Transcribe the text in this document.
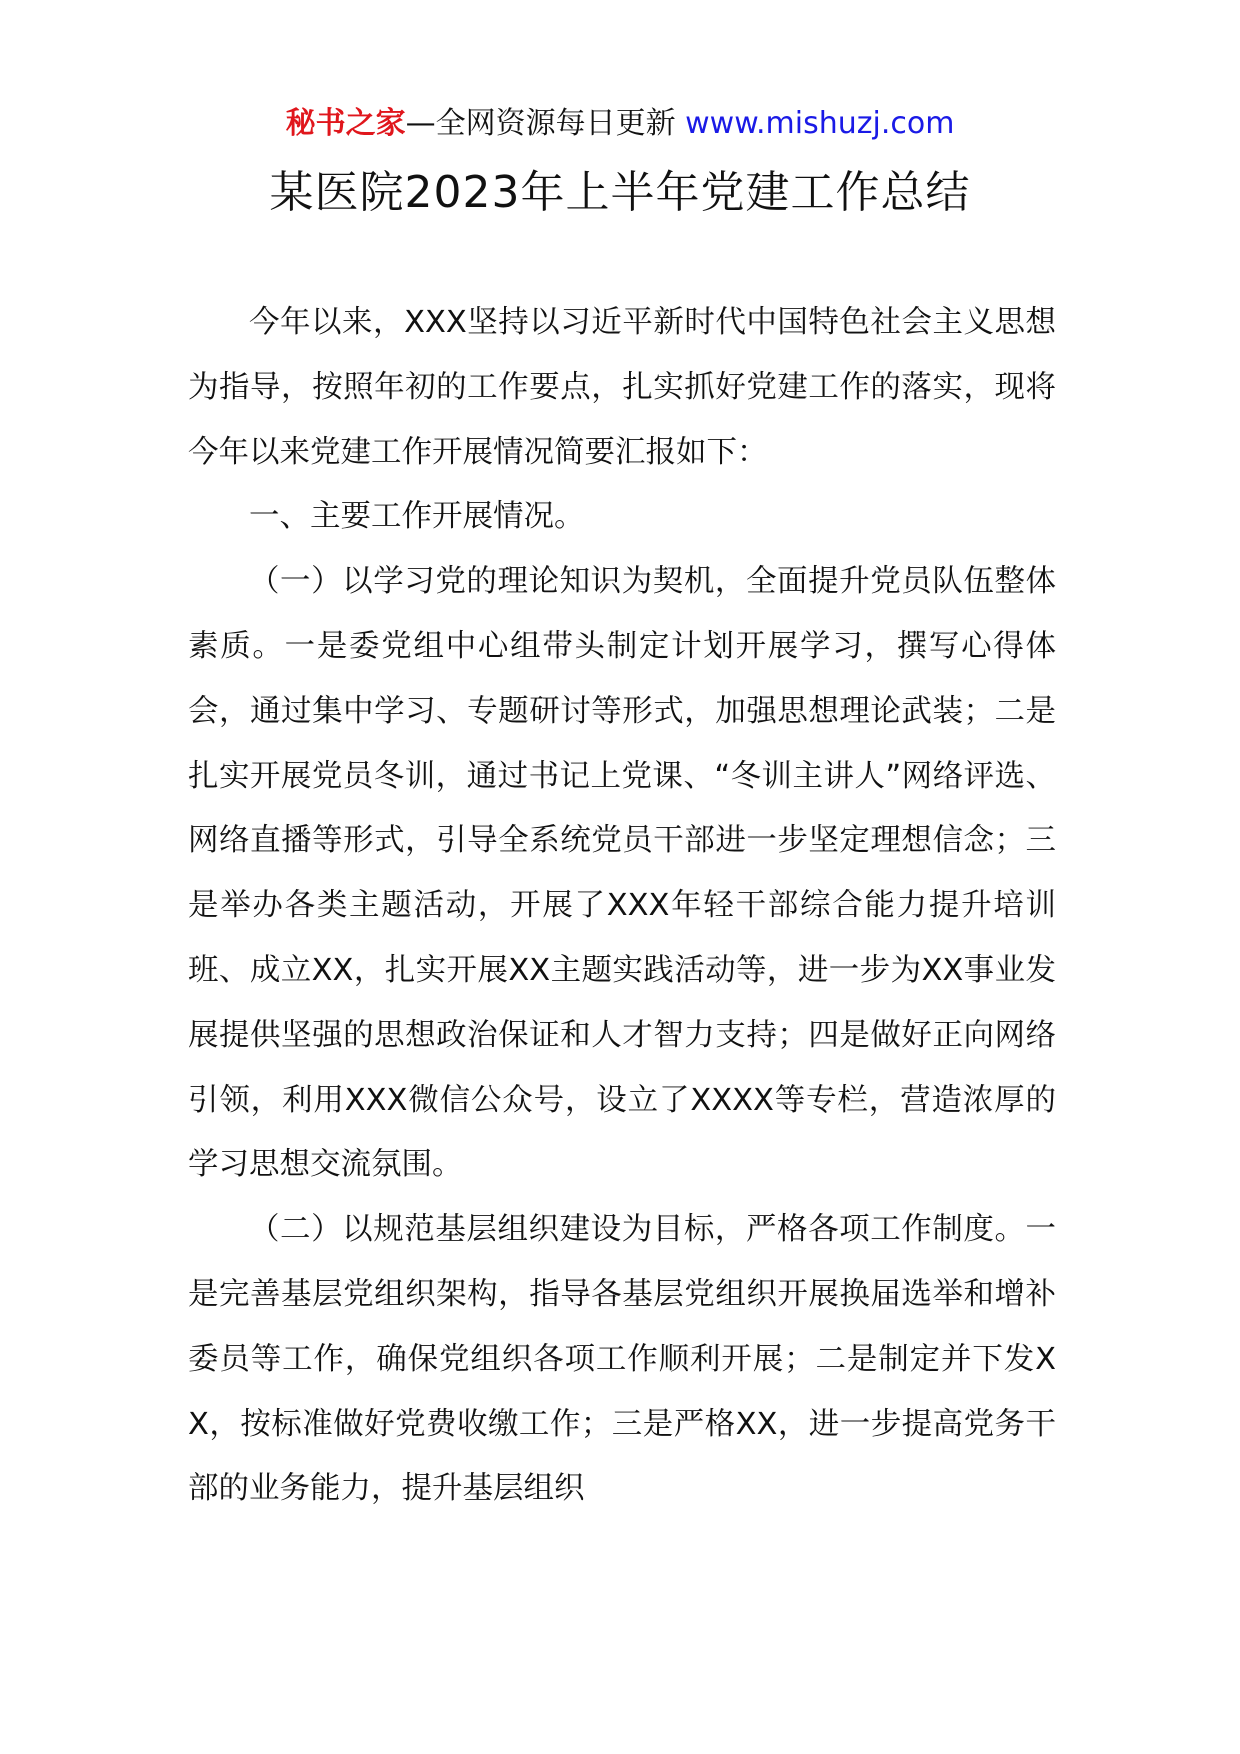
秘书之家—全网资源每日更新 www.mishuzj.com
某医院2023年上半年党建工作总结

今年以来，XXX坚持以习近平新时代中国特色社会主义思想为指导，按照年初的工作要点，扎实抓好党建工作的落实，现将今年以来党建工作开展情况简要汇报如下：

一、主要工作开展情况。

（一）以学习党的理论知识为契机，全面提升党员队伍整体素质。一是委党组中心组带头制定计划开展学习，撰写心得体会，通过集中学习、专题研讨等形式，加强思想理论武装；二是扎实开展党员冬训，通过书记上党课、“冬训主讲人”网络评选、网络直播等形式，引导全系统党员干部进一步坚定理想信念；三是举办各类主题活动，开展了XXX年轻干部综合能力提升培训班、成立XX，扎实开展XX主题实践活动等，进一步为XX事业发展提供坚强的思想政治保证和人才智力支持；四是做好正向网络引领，利用XXX微信公众号，设立了XXXX等专栏，营造浓厚的学习思想交流氛围。

（二）以规范基层组织建设为目标，严格各项工作制度。一是完善基层党组织架构，指导各基层党组织开展换届选举和增补委员等工作，确保党组织各项工作顺利开展；二是制定并下发XX，按标准做好党费收缴工作；三是严格XX，进一步提高党务干部的业务能力，提升基层组织
